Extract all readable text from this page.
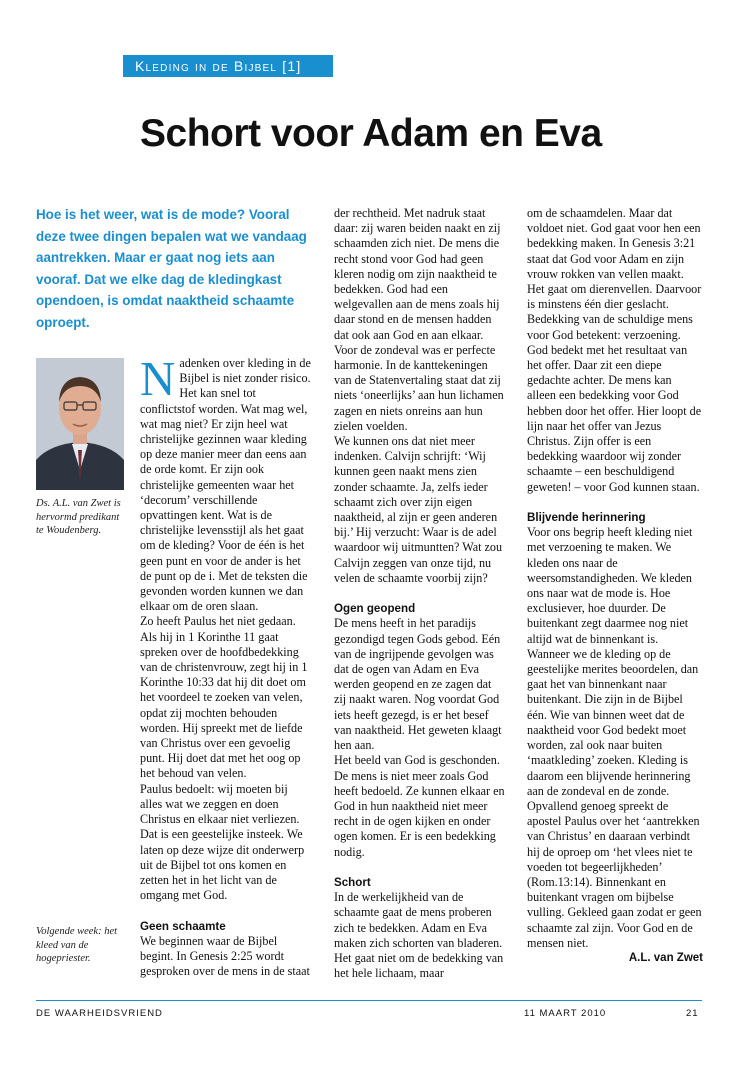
Kleding in de Bijbel [1]
Schort voor Adam en Eva
Hoe is het weer, wat is de mode? Vooral deze twee dingen bepalen wat we vandaag aantrekken. Maar er gaat nog iets aan vooraf. Dat we elke dag de kledingkast opendoen, is omdat naaktheid schaamte oproept.
Ds. A.L. van Zwet is hervormd predikant te Woudenberg.
Volgende week: het kleed van de hogepriester.
N adenken over kleding in de Bijbel is niet zonder risico. Het kan snel tot conflictstof worden. Wat mag wel, wat mag niet? Er zijn heel wat christelijke gezinnen waar kleding op deze manier meer dan eens aan de orde komt. Er zijn ook christelijke gemeenten waar het ‘decorum’ verschillende opvattingen kent. Wat is de christelijke levensstijl als het gaat om de kleding? Voor de één is het geen punt en voor de ander is het de punt op de i. Met de teksten die gevonden worden kunnen we dan elkaar om de oren slaan.

Zo heeft Paulus het niet gedaan. Als hij in 1 Korinthe 11 gaat spreken over de hoofdbedekking van de christenvrouw, zegt hij in 1 Korinthe 10:33 dat hij dit doet om het voordeel te zoeken van velen, opdat zij mochten behouden worden. Hij spreekt met de liefde van Christus over een gevoelig punt. Hij doet dat met het oog op het behoud van velen.

Paulus bedoelt: wij moeten bij alles wat we zeggen en doen Christus en elkaar niet verliezen. Dat is een geestelijke insteek. We laten op deze wijze dit onderwerp uit de Bijbel tot ons komen en zetten het in het licht van de omgang met God.

Geen schaamte

We beginnen waar de Bijbel begint. In Genesis 2:25 wordt gesproken over de mens in de staat

der rechtheid. Met nadruk staat daar: zij waren beiden naakt en zij schaamden zich niet. De mens die recht stond voor God had geen kleren nodig om zijn naaktheid te bedekken. God had een welgevallen aan de mens zoals hij daar stond en de mensen hadden dat ook aan God en aan elkaar. Voor de zondeval was er perfecte harmonie. In de kanttekeningen van de Statenvertaling staat dat zij niets ‘oneerlijks’ aan hun lichamen zagen en niets onreins aan hun zielen voelden.

We kunnen ons dat niet meer indenken. Calvijn schrijft: ‘Wij kunnen geen naakt mens zien zonder schaamte. Ja, zelfs ieder schaamt zich over zijn eigen naaktheid, al zijn er geen anderen bij.’ Hij verzucht: Waar is de adel waardoor wij uitmuntten? Wat zou Calvijn zeggen van onze tijd, nu velen de schaamte voorbij zijn?

Ogen geopend

De mens heeft in het paradijs gezondigd tegen Gods gebod. Eén van de ingrijpende gevolgen was dat de ogen van Adam en Eva werden geopend en ze zagen dat zij naakt waren. Nog voordat God iets heeft gezegd, is er het besef van naaktheid. Het geweten klaagt hen aan.

Het beeld van God is geschonden. De mens is niet meer zoals God heeft bedoeld. Ze kunnen elkaar en God in hun naaktheid niet meer recht in de ogen kijken en onder ogen komen. Er is een bedekking nodig.

Schort

In de werkelijkheid van de schaamte gaat de mens proberen zich te bedekken. Adam en Eva maken zich schorten van bladeren. Het gaat niet om de bedekking van het hele lichaam, maar

om de schaamdelen. Maar dat voldoet niet. God gaat voor hen een bedekking maken. In Genesis 3:21 staat dat God voor Adam en zijn vrouw rokken van vellen maakt. Het gaat om dierenvellen. Daarvoor is minstens één dier geslacht.

Bedekking van de schuldige mens voor God betekent: verzoening. God bedekt met het resultaat van het offer. Daar zit een diepe gedachte achter. De mens kan alleen een bedekking voor God hebben door het offer. Hier loopt de lijn naar het offer van Jezus Christus. Zijn offer is een bedekking waardoor wij zonder schaamte – een beschuldigend geweten! – voor God kunnen staan.

Blijvende herinnering

Voor ons begrip heeft kleding niet met verzoening te maken. We kleden ons naar de weersomstandigheden. We kleden ons naar wat de mode is. Hoe exclusiever, hoe duurder. De buitenkant zegt daarmee nog niet altijd wat de binnenkant is.

Wanneer we de kleding op de geestelijke merites beoordelen, dan gaat het van binnenkant naar buitenkant. Die zijn in de Bijbel één. Wie van binnen weet dat de naaktheid voor God bedekt moet worden, zal ook naar buiten ‘maatkleding’ zoeken. Kleding is daarom een blijvende herinnering aan de zondeval en de zonde. Opvallend genoeg spreekt de apostel Paulus over het ‘aantrekken van Christus’ en daaraan verbindt hij de oproep om ‘het vlees niet te voeden tot begeerlijkheden’ (Rom.13:14). Binnenkant en buitenkant vragen om bijbelse vulling. Gekleed gaan zodat er geen schaamte zal zijn. Voor God en de mensen niet.

A.L. van Zwet

DE WAARHEIDSVRIEND	11 MAART 2010	21
